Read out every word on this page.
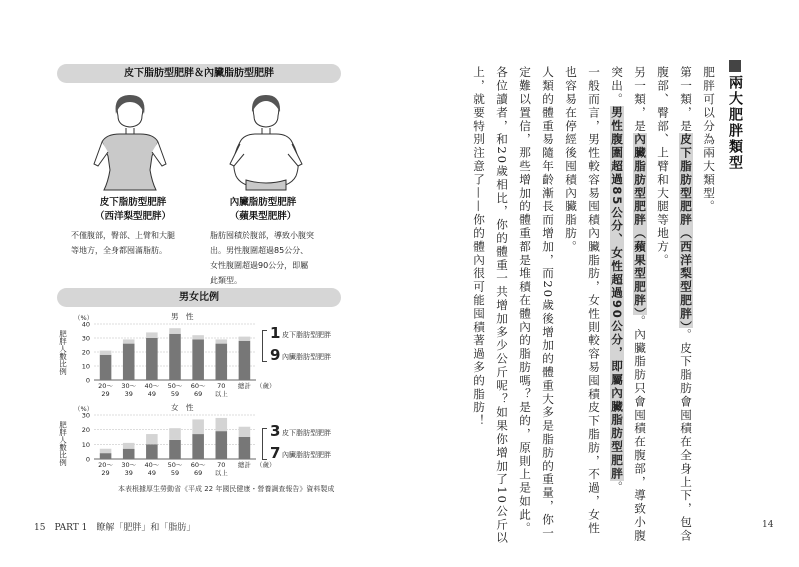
皮下脂肪型肥胖＆內臟脂肪型肥胖
皮下脂肪型肥胖
（西洋梨型肥胖）
不僅腹部，臀部、上臂和大腿
等地方，全身都囤滿脂肪。
內臟脂肪型肥胖
（蘋果型肥胖）
脂肪囤積於腹部，導致小腹突
出。男性腹圍超過85公分、
女性腹圍超過90公分，即屬
此類型。
男女比例
肥胖人數比例
（%）	男　性
40
30
20
10
0
20～
29
30～
39
40～
49
50～
59
60～
69
70
以上
總計 （歲）
1 皮下脂肪型肥胖
9 內臟脂肪型肥胖
肥胖人數比例
（%）	女　性
30
20
10
0
20～
29
30～
39
40～
49
50～
59
60～
69
70
以上
總計 （歲）
3 皮下脂肪型肥胖
7 內臟脂肪型肥胖
本表根據厚生勞動省《平成 22 年國民健康・營養調查報告》資料製成
15　PART 1　瞭解「肥胖」和「脂肪」
兩大肥胖類型
肥胖可以分為兩大類型。
第一類，是皮下脂肪型肥胖（西洋梨型肥胖）。皮下脂肪會囤積在全身上下，包含
腹部、臀部、上臂和大腿等地方。
另一類，是內臟脂肪型肥胖（蘋果型肥胖）。內臟脂肪只會囤積在腹部，導致小腹
突出。男性腹圍超過85公分、女性超過90公分，即屬內臟脂肪型肥胖。
一般而言，男性較容易囤積內臟脂肪，女性則較容易囤積皮下脂肪，不過，女性
也容易在停經後囤積內臟脂肪。
人類的體重易隨年齡漸長而增加，而20歲後增加的體重大多是脂肪的重量，你一
定難以置信，那些增加的體重都是堆積在體內的脂肪嗎？是的，原則上是如此。
各位讀者，和20歲相比，你的體重一共增加多少公斤呢？如果你增加了10公斤以
上，就要特別注意了——你的體內很可能囤積著過多的脂肪！
14
